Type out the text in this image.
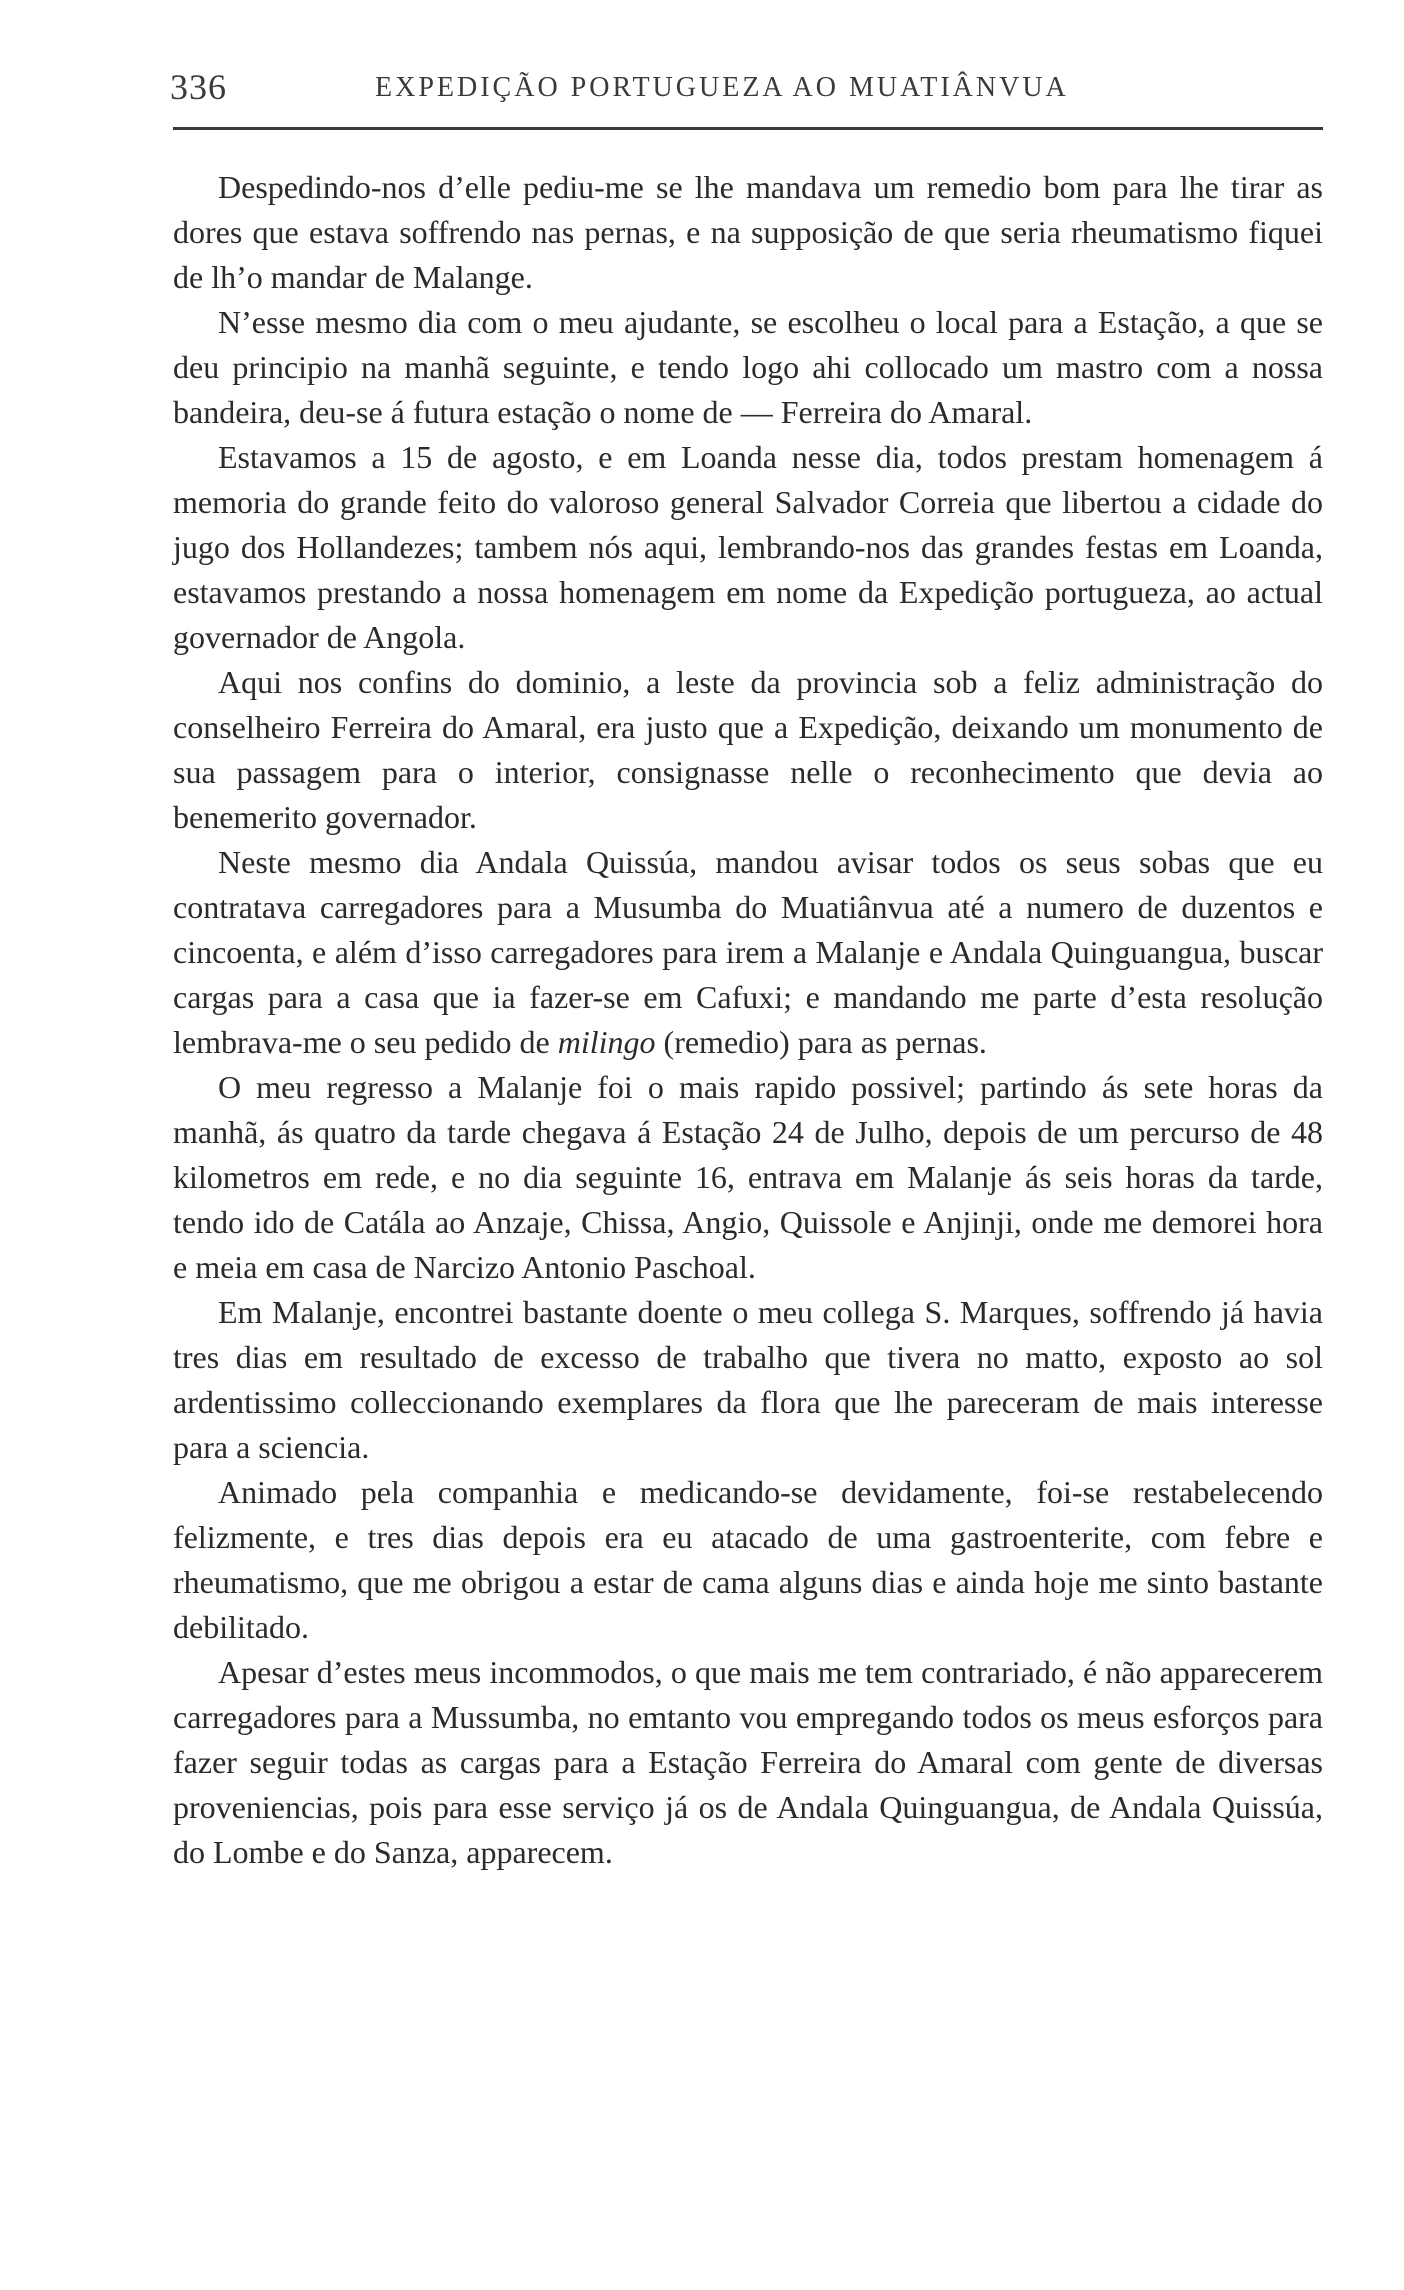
336	EXPEDIÇÃO PORTUGUEZA AO MUATIÂNVUA

Despedindo-nos d’elle pediu-me se lhe mandava um remedio bom para lhe tirar as dores que estava soffrendo nas pernas, e na supposição de que seria rheumatismo fiquei de lh’o mandar de Malange.

N’esse mesmo dia com o meu ajudante, se escolheu o local para a Estação, a que se deu principio na manhã seguinte, e tendo logo ahi collocado um mastro com a nossa bandeira, deu-se á futura estação o nome de — Ferreira do Amaral.

Estavamos a 15 de agosto, e em Loanda nesse dia, todos prestam homenagem á memoria do grande feito do valoroso general Salvador Correia que libertou a cidade do jugo dos Hollandezes; tambem nós aqui, lembrando-nos das grandes festas em Loanda, estavamos prestando a nossa homenagem em nome da Expedição portugueza, ao actual governador de Angola.

Aqui nos confins do dominio, a leste da provincia sob a feliz administração do conselheiro Ferreira do Amaral, era justo que a Expedição, deixando um monumento de sua passagem para o interior, consignasse nelle o reconhecimento que devia ao benemerito governador.

Neste mesmo dia Andala Quissúa, mandou avisar todos os seus sobas que eu contratava carregadores para a Musumba do Muatiânvua até a numero de duzentos e cincoenta, e além d’isso carregadores para irem a Malanje e Andala Quinguangua, buscar cargas para a casa que ia fazer-se em Cafuxi; e mandando me parte d’esta resolução lembrava-me o seu pedido de milingo (remedio) para as pernas.

O meu regresso a Malanje foi o mais rapido possivel; partindo ás sete horas da manhã, ás quatro da tarde chegava á Estação 24 de Julho, depois de um percurso de 48 kilometros em rede, e no dia seguinte 16, entrava em Malanje ás seis horas da tarde, tendo ido de Catála ao Anzaje, Chissa, Angio, Quissole e Anjinji, onde me demorei hora e meia em casa de Narcizo Antonio Paschoal.

Em Malanje, encontrei bastante doente o meu collega S. Marques, soffrendo já havia tres dias em resultado de excesso de trabalho que tivera no matto, exposto ao sol ardentissimo colleccionando exemplares da flora que lhe pareceram de mais interesse para a sciencia.

Animado pela companhia e medicando-se devidamente, foi-se restabelecendo felizmente, e tres dias depois era eu atacado de uma gastroenterite, com febre e rheumatismo, que me obrigou a estar de cama alguns dias e ainda hoje me sinto bastante debilitado.

Apesar d’estes meus incommodos, o que mais me tem contrariado, é não apparecerem carregadores para a Mussumba, no emtanto vou empregando todos os meus esforços para fazer seguir todas as cargas para a Estação Ferreira do Amaral com gente de diversas proveniencias, pois para esse serviço já os de Andala Quinguangua, de Andala Quissúa, do Lombe e do Sanza, apparecem.
